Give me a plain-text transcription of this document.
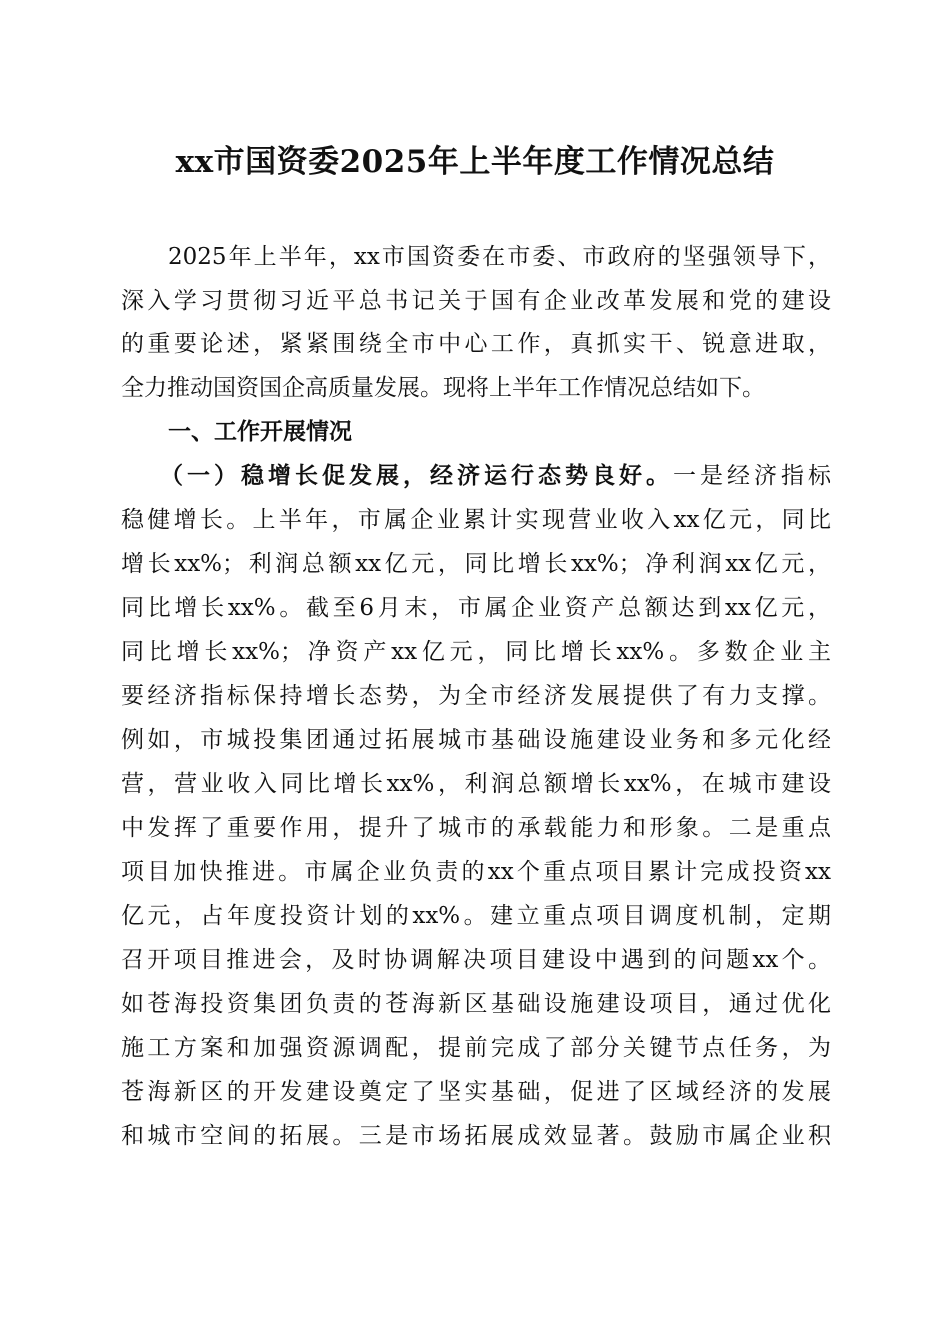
xx市国资委2025年上半年度工作情况总结
2025年上半年，xx市国资委在市委、市政府的坚强领导下，
深入学习贯彻习近平总书记关于国有企业改革发展和党的建设
的重要论述，紧紧围绕全市中心工作，真抓实干、锐意进取，
全力推动国资国企高质量发展。现将上半年工作情况总结如下。
一、工作开展情况
（一）稳增长促发展，经济运行态势良好。一是经济指标
稳健增长。上半年，市属企业累计实现营业收入xx亿元，同比
增长xx%；利润总额xx亿元，同比增长xx%；净利润xx亿元，
同比增长xx%。截至6月末，市属企业资产总额达到xx亿元，
同比增长xx%；净资产xx亿元，同比增长xx%。多数企业主
要经济指标保持增长态势，为全市经济发展提供了有力支撑。
例如，市城投集团通过拓展城市基础设施建设业务和多元化经
营，营业收入同比增长xx%，利润总额增长xx%，在城市建设
中发挥了重要作用，提升了城市的承载能力和形象。二是重点
项目加快推进。市属企业负责的xx个重点项目累计完成投资xx
亿元，占年度投资计划的xx%。建立重点项目调度机制，定期
召开项目推进会，及时协调解决项目建设中遇到的问题xx个。
如苍海投资集团负责的苍海新区基础设施建设项目，通过优化
施工方案和加强资源调配，提前完成了部分关键节点任务，为
苍海新区的开发建设奠定了坚实基础，促进了区域经济的发展
和城市空间的拓展。三是市场拓展成效显著。鼓励市属企业积
